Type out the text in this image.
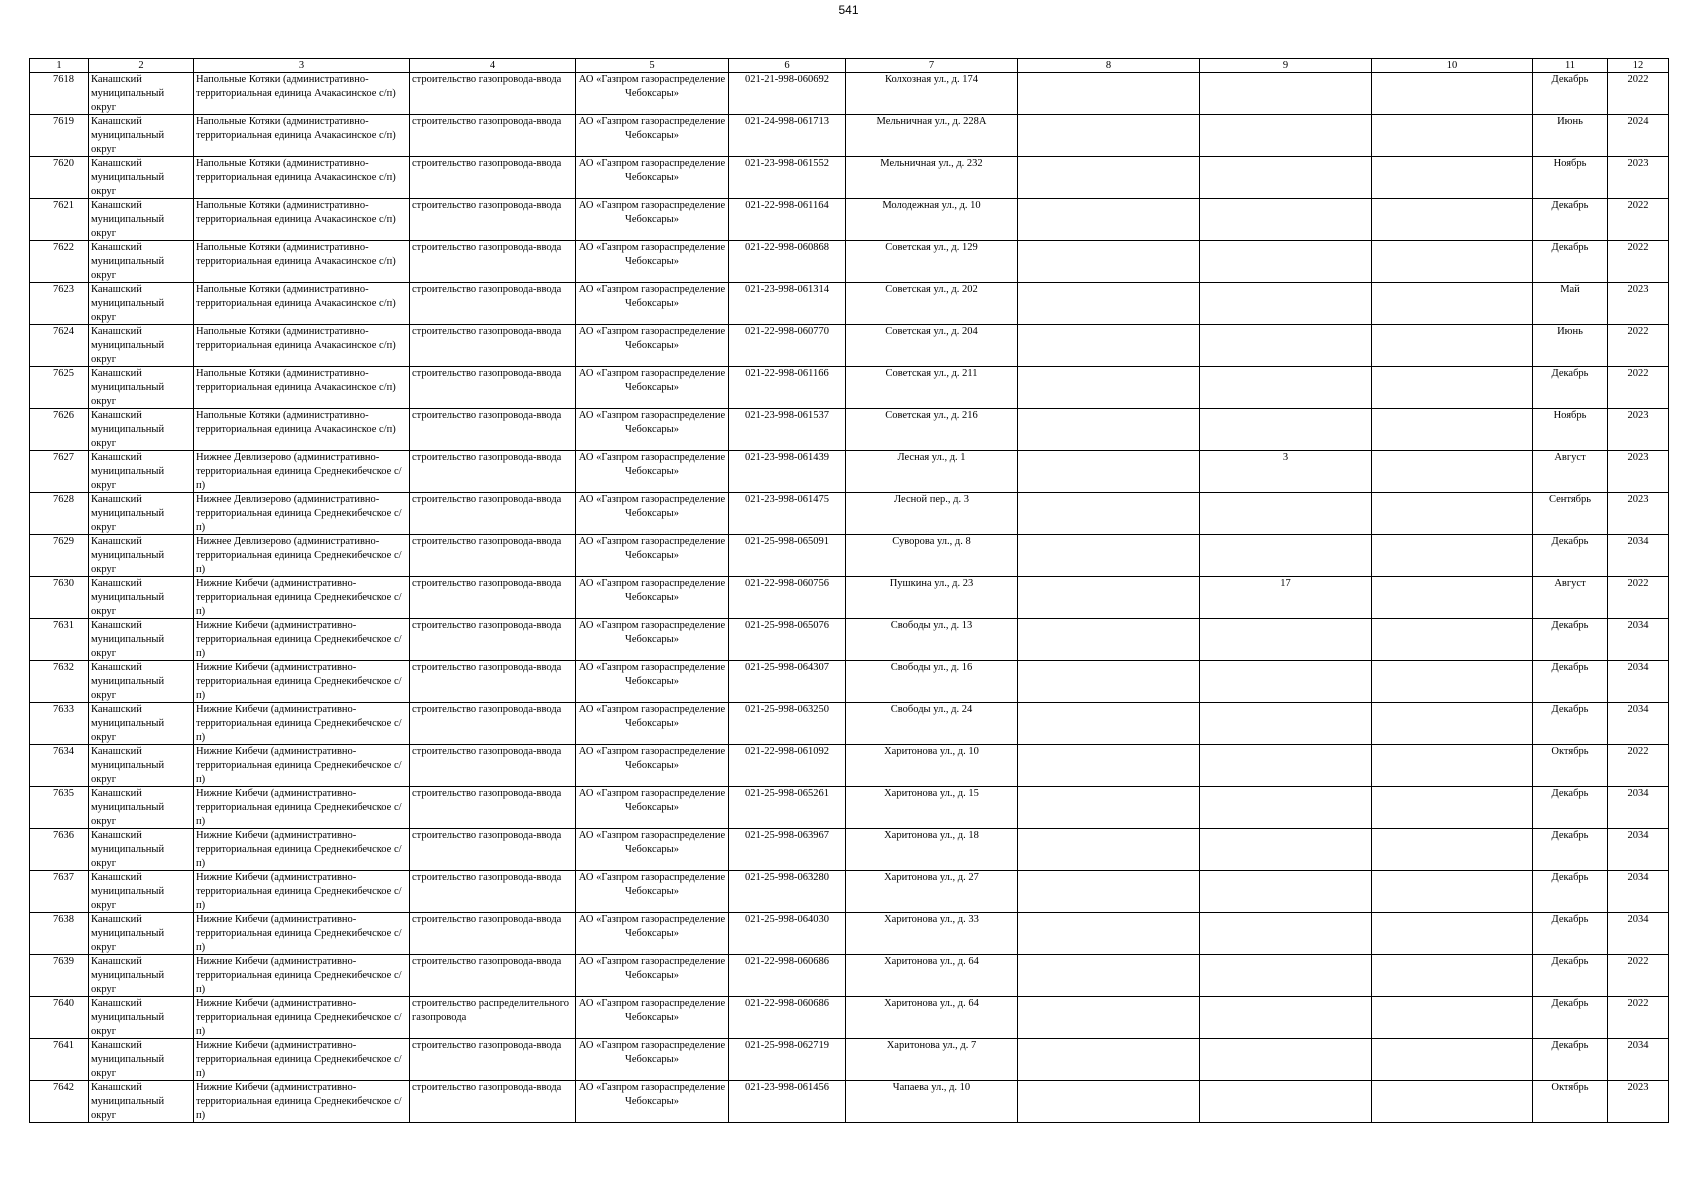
541
1	2	3	4	5	6	7	8	9	10	11	12

7618	Канашский муниципальный округ	Напольные Котяки (административно-территориальная единица Ачакасинское с/п)	строительство газопровода-ввода	АО «Газпром газораспределение Чебоксары»	021-21-998-060692	Колхозная ул., д. 174				Декабрь	2022

7619	Канашский муниципальный округ	Напольные Котяки (административно-территориальная единица Ачакасинское с/п)	строительство газопровода-ввода	АО «Газпром газораспределение Чебоксары»	021-24-998-061713	Мельничная ул., д. 228А				Июнь	2024

7620	Канашский муниципальный округ	Напольные Котяки (административно-территориальная единица Ачакасинское с/п)	строительство газопровода-ввода	АО «Газпром газораспределение Чебоксары»	021-23-998-061552	Мельничная ул., д. 232				Ноябрь	2023

7621	Канашский муниципальный округ	Напольные Котяки (административно-территориальная единица Ачакасинское с/п)	строительство газопровода-ввода	АО «Газпром газораспределение Чебоксары»	021-22-998-061164	Молодежная ул., д. 10				Декабрь	2022

7622	Канашский муниципальный округ	Напольные Котяки (административно-территориальная единица Ачакасинское с/п)	строительство газопровода-ввода	АО «Газпром газораспределение Чебоксары»	021-22-998-060868	Советская ул., д. 129				Декабрь	2022

7623	Канашский муниципальный округ	Напольные Котяки (административно-территориальная единица Ачакасинское с/п)	строительство газопровода-ввода	АО «Газпром газораспределение Чебоксары»	021-23-998-061314	Советская ул., д. 202				Май	2023

7624	Канашский муниципальный округ	Напольные Котяки (административно-территориальная единица Ачакасинское с/п)	строительство газопровода-ввода	АО «Газпром газораспределение Чебоксары»	021-22-998-060770	Советская ул., д. 204				Июнь	2022

7625	Канашский муниципальный округ	Напольные Котяки (административно-территориальная единица Ачакасинское с/п)	строительство газопровода-ввода	АО «Газпром газораспределение Чебоксары»	021-22-998-061166	Советская ул., д. 211				Декабрь	2022

7626	Канашский муниципальный округ	Напольные Котяки (административно-территориальная единица Ачакасинское с/п)	строительство газопровода-ввода	АО «Газпром газораспределение Чебоксары»	021-23-998-061537	Советская ул., д. 216				Ноябрь	2023

7627	Канашский муниципальный округ	Нижнее Девлизерово (административно-территориальная единица Среднекибечское с/п)	строительство газопровода-ввода	АО «Газпром газораспределение Чебоксары»	021-23-998-061439	Лесная ул., д. 1		3		Август	2023

7628	Канашский муниципальный округ	Нижнее Девлизерово (административно-территориальная единица Среднекибечское с/п)	строительство газопровода-ввода	АО «Газпром газораспределение Чебоксары»	021-23-998-061475	Лесной пер., д. 3				Сентябрь	2023

7629	Канашский муниципальный округ	Нижнее Девлизерово (административно-территориальная единица Среднекибечское с/п)	строительство газопровода-ввода	АО «Газпром газораспределение Чебоксары»	021-25-998-065091	Суворова ул., д. 8				Декабрь	2034

7630	Канашский муниципальный округ	Нижние Кибечи (административно-территориальная единица Среднекибечское с/п)	строительство газопровода-ввода	АО «Газпром газораспределение Чебоксары»	021-22-998-060756	Пушкина ул., д. 23		17		Август	2022

7631	Канашский муниципальный округ	Нижние Кибечи (административно-территориальная единица Среднекибечское с/п)	строительство газопровода-ввода	АО «Газпром газораспределение Чебоксары»	021-25-998-065076	Свободы ул., д. 13				Декабрь	2034

7632	Канашский муниципальный округ	Нижние Кибечи (административно-территориальная единица Среднекибечское с/п)	строительство газопровода-ввода	АО «Газпром газораспределение Чебоксары»	021-25-998-064307	Свободы ул., д. 16				Декабрь	2034

7633	Канашский муниципальный округ	Нижние Кибечи (административно-территориальная единица Среднекибечское с/п)	строительство газопровода-ввода	АО «Газпром газораспределение Чебоксары»	021-25-998-063250	Свободы ул., д. 24				Декабрь	2034

7634	Канашский муниципальный округ	Нижние Кибечи (административно-территориальная единица Среднекибечское с/п)	строительство газопровода-ввода	АО «Газпром газораспределение Чебоксары»	021-22-998-061092	Харитонова ул., д. 10				Октябрь	2022

7635	Канашский муниципальный округ	Нижние Кибечи (административно-территориальная единица Среднекибечское с/п)	строительство газопровода-ввода	АО «Газпром газораспределение Чебоксары»	021-25-998-065261	Харитонова ул., д. 15				Декабрь	2034

7636	Канашский муниципальный округ	Нижние Кибечи (административно-территориальная единица Среднекибечское с/п)	строительство газопровода-ввода	АО «Газпром газораспределение Чебоксары»	021-25-998-063967	Харитонова ул., д. 18				Декабрь	2034

7637	Канашский муниципальный округ	Нижние Кибечи (административно-территориальная единица Среднекибечское с/п)	строительство газопровода-ввода	АО «Газпром газораспределение Чебоксары»	021-25-998-063280	Харитонова ул., д. 27				Декабрь	2034

7638	Канашский муниципальный округ	Нижние Кибечи (административно-территориальная единица Среднекибечское с/п)	строительство газопровода-ввода	АО «Газпром газораспределение Чебоксары»	021-25-998-064030	Харитонова ул., д. 33				Декабрь	2034

7639	Канашский муниципальный округ	Нижние Кибечи (административно-территориальная единица Среднекибечское с/п)	строительство газопровода-ввода	АО «Газпром газораспределение Чебоксары»	021-22-998-060686	Харитонова ул., д. 64				Декабрь	2022

7640	Канашский муниципальный округ	Нижние Кибечи (административно-территориальная единица Среднекибечское с/п)	строительство распределительного газопровода	АО «Газпром газораспределение Чебоксары»	021-22-998-060686	Харитонова ул., д. 64				Декабрь	2022

7641	Канашский муниципальный округ	Нижние Кибечи (административно-территориальная единица Среднекибечское с/п)	строительство газопровода-ввода	АО «Газпром газораспределение Чебоксары»	021-25-998-062719	Харитонова ул., д. 7				Декабрь	2034

7642	Канашский муниципальный округ	Нижние Кибечи (административно-территориальная единица Среднекибечское с/п)	строительство газопровода-ввода	АО «Газпром газораспределение Чебоксары»	021-23-998-061456	Чапаева ул., д. 10				Октябрь	2023
